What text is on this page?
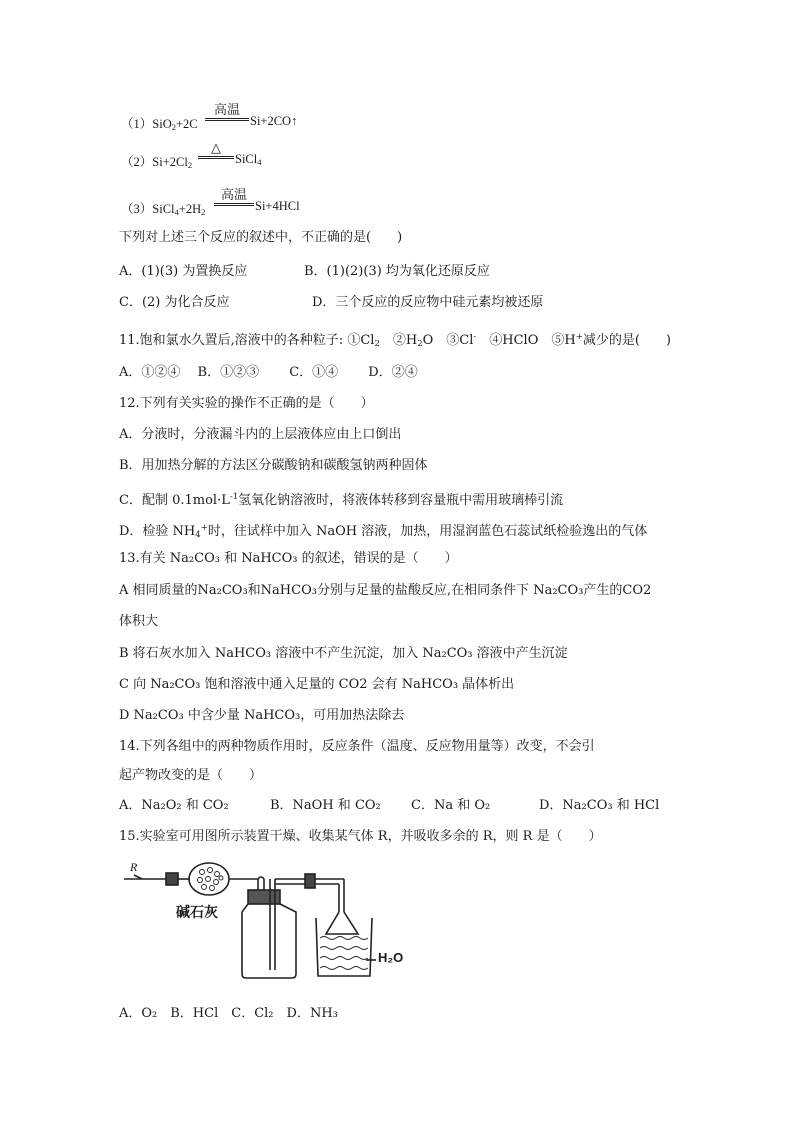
（1）SiO$_2$+2C
高温
Si+2CO↑
$(2)Si+2Cl_2$
△
SiCl$_4$
$(3)SiCl_4+2H_2$
高温
Si+4HCl
下列对上述三个反应的叙述中，不正确的是(　　)
A．(1)(3) 为置换反应	B．(1)(2)(3) 均为氧化还原反应
C．(2) 为化合反应	D．三个反应的反应物中硅元素均被还原
11.饱和氯水久置后,溶液中的各种粒子: $①Cl_2$　$②H_2O$　③Cl-　④HClO　⑤H+减少的是(　　)
A．①②④　 B．①②③　　 C．①④　　 D．②④
12.下列有关实验的操作不正确的是（　　）
A．分液时，分液漏斗内的上层液体应由上口倒出
B．用加热分解的方法区分碳酸钠和碳酸氢钠两种固体
C．配制 $0.1mol\cdot L^{-1}$氢氧化钠溶液时，将液体转移到容量瓶中需用玻璃棒引流
D．检验 $NH_4^+$时，往试样中加入 NaOH 溶液，加热，用湿润蓝色石蕊试纸检验逸出的气体
13.有关 Na₂CO₃ 和 NaHCO₃ 的叙述，错误的是（　　）
A 相同质量的Na₂CO₃和NaHCO₃分别与足量的盐酸反应,在相同条件下 Na₂CO₃产生的CO2
体积大
B 将石灰水加入 NaHCO₃ 溶液中不产生沉淀，加入 Na₂CO₃ 溶液中产生沉淀
C 向 Na₂CO₃ 饱和溶液中通入足量的 CO2 会有 NaHCO₃ 晶体析出
D Na₂CO₃ 中含少量 NaHCO₃，可用加热法除去
14.下列各组中的两种物质作用时，反应条件（温度、反应物用量等）改变，不会引
起产物改变的是（　　）
A．Na₂O₂ 和 CO₂	B．NaOH 和 CO₂ C．Na 和 O₂	D．Na₂CO₃ 和 HCl
15.实验室可用图所示装置干燥、收集某气体 R，并吸收多余的 R，则 R 是（　　）
R
碱石灰
H₂O
A．O₂　B．HCl　C．Cl₂　D．NH₃
